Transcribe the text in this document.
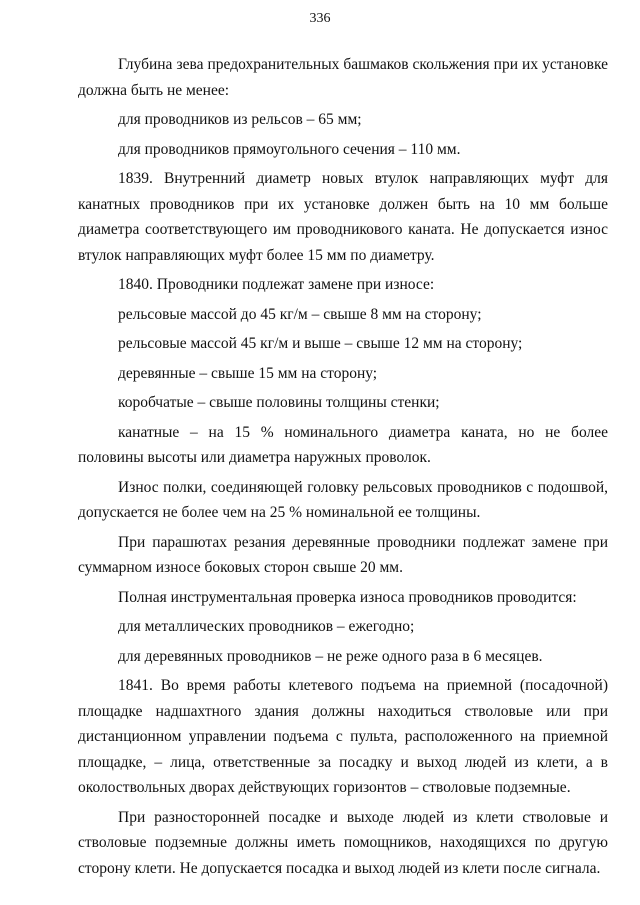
336

Глубина зева предохранительных башмаков скольжения при их установке должна быть не менее:

для проводников из рельсов – 65 мм;

для проводников прямоугольного сечения – 110 мм.

1839. Внутренний диаметр новых втулок направляющих муфт для канатных проводников при их установке должен быть на 10 мм больше диаметра соответствующего им проводникового каната. Не допускается износ втулок направляющих муфт более 15 мм по диаметру.

1840. Проводники подлежат замене при износе:

рельсовые массой до 45 кг/м – свыше 8 мм на сторону;

рельсовые массой 45 кг/м и выше – свыше 12 мм на сторону;

деревянные – свыше 15 мм на сторону;

коробчатые – свыше половины толщины стенки;

канатные – на 15 % номинального диаметра каната, но не более половины высоты или диаметра наружных проволок.

Износ полки, соединяющей головку рельсовых проводников с подошвой, допускается не более чем на 25 % номинальной ее толщины.

При парашютах резания деревянные проводники подлежат замене при суммарном износе боковых сторон свыше 20 мм.

Полная инструментальная проверка износа проводников проводится:

для металлических проводников – ежегодно;

для деревянных проводников – не реже одного раза в 6 месяцев.

1841. Во время работы клетевого подъема на приемной (посадочной) площадке надшахтного здания должны находиться стволовые или при дистанционном управлении подъема с пульта, расположенного на приемной площадке, – лица, ответственные за посадку и выход людей из клети, а в околоствольных дворах действующих горизонтов – стволовые подземные.

При разносторонней посадке и выходе людей из клети стволовые и стволовые подземные должны иметь помощников, находящихся по другую сторону клети. Не допускается посадка и выход людей из клети после сигнала.
